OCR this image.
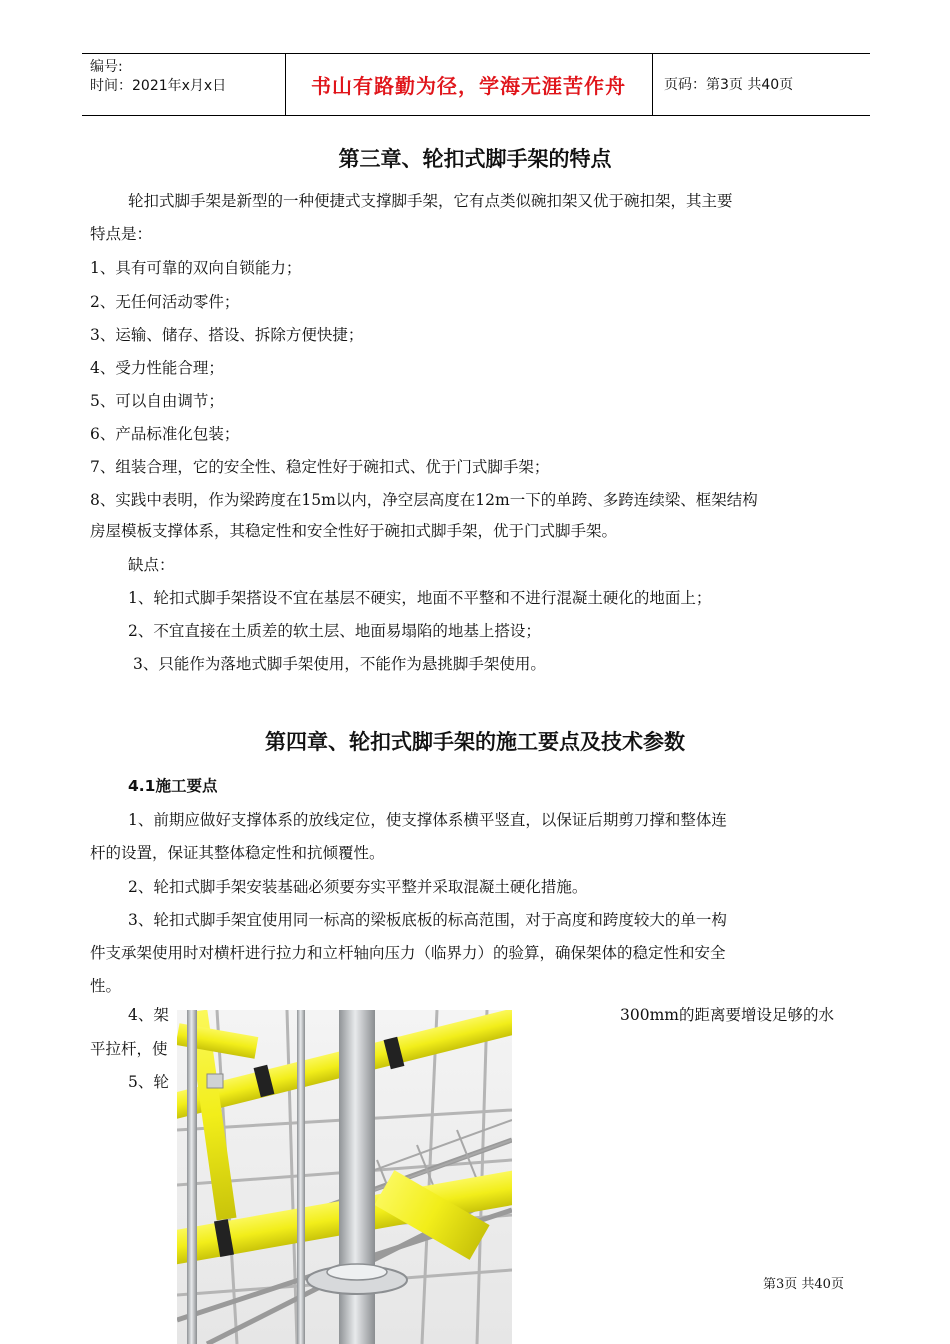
编号:
时间：2021年x月x日	书山有路勤为径，学海无涯苦作舟	页码：第3页 共40页
第三章、轮扣式脚手架的特点
轮扣式脚手架是新型的一种便捷式支撑脚手架，它有点类似碗扣架又优于碗扣架，其主要
特点是：
1、具有可靠的双向自锁能力；
2、无任何活动零件；
3、运输、储存、搭设、拆除方便快捷；
4、受力性能合理；
5、可以自由调节；
6、产品标准化包装；
7、组装合理，它的安全性、稳定性好于碗扣式、优于门式脚手架；
8、实践中表明，作为梁跨度在15m以内，净空层高度在12m一下的单跨、多跨连续梁、框架结构
房屋模板支撑体系，其稳定性和安全性好于碗扣式脚手架，优于门式脚手架。
缺点：
1、轮扣式脚手架搭设不宜在基层不硬实，地面不平整和不进行混凝土硬化的地面上；
2、不宜直接在土质差的软土层、地面易塌陷的地基上搭设；
3、只能作为落地式脚手架使用，不能作为悬挑脚手架使用。
第四章、轮扣式脚手架的施工要点及技术参数
4.1施工要点
1、前期应做好支撑体系的放线定位，使支撑体系横平竖直，以保证后期剪刀撑和整体连
杆的设置，保证其整体稳定性和抗倾覆性。
2、轮扣式脚手架安装基础必须要夯实平整并采取混凝土硬化措施。
3、轮扣式脚手架宜使用同一标高的梁板底板的标高范围，对于高度和跨度较大的单一构
件支承架使用时对横杆进行拉力和立杆轴向压力（临界力）的验算，确保架体的稳定性和安全
性。
4、架	300mm的距离要增设足够的水
平拉杆，使
5、轮
第3页 共40页
